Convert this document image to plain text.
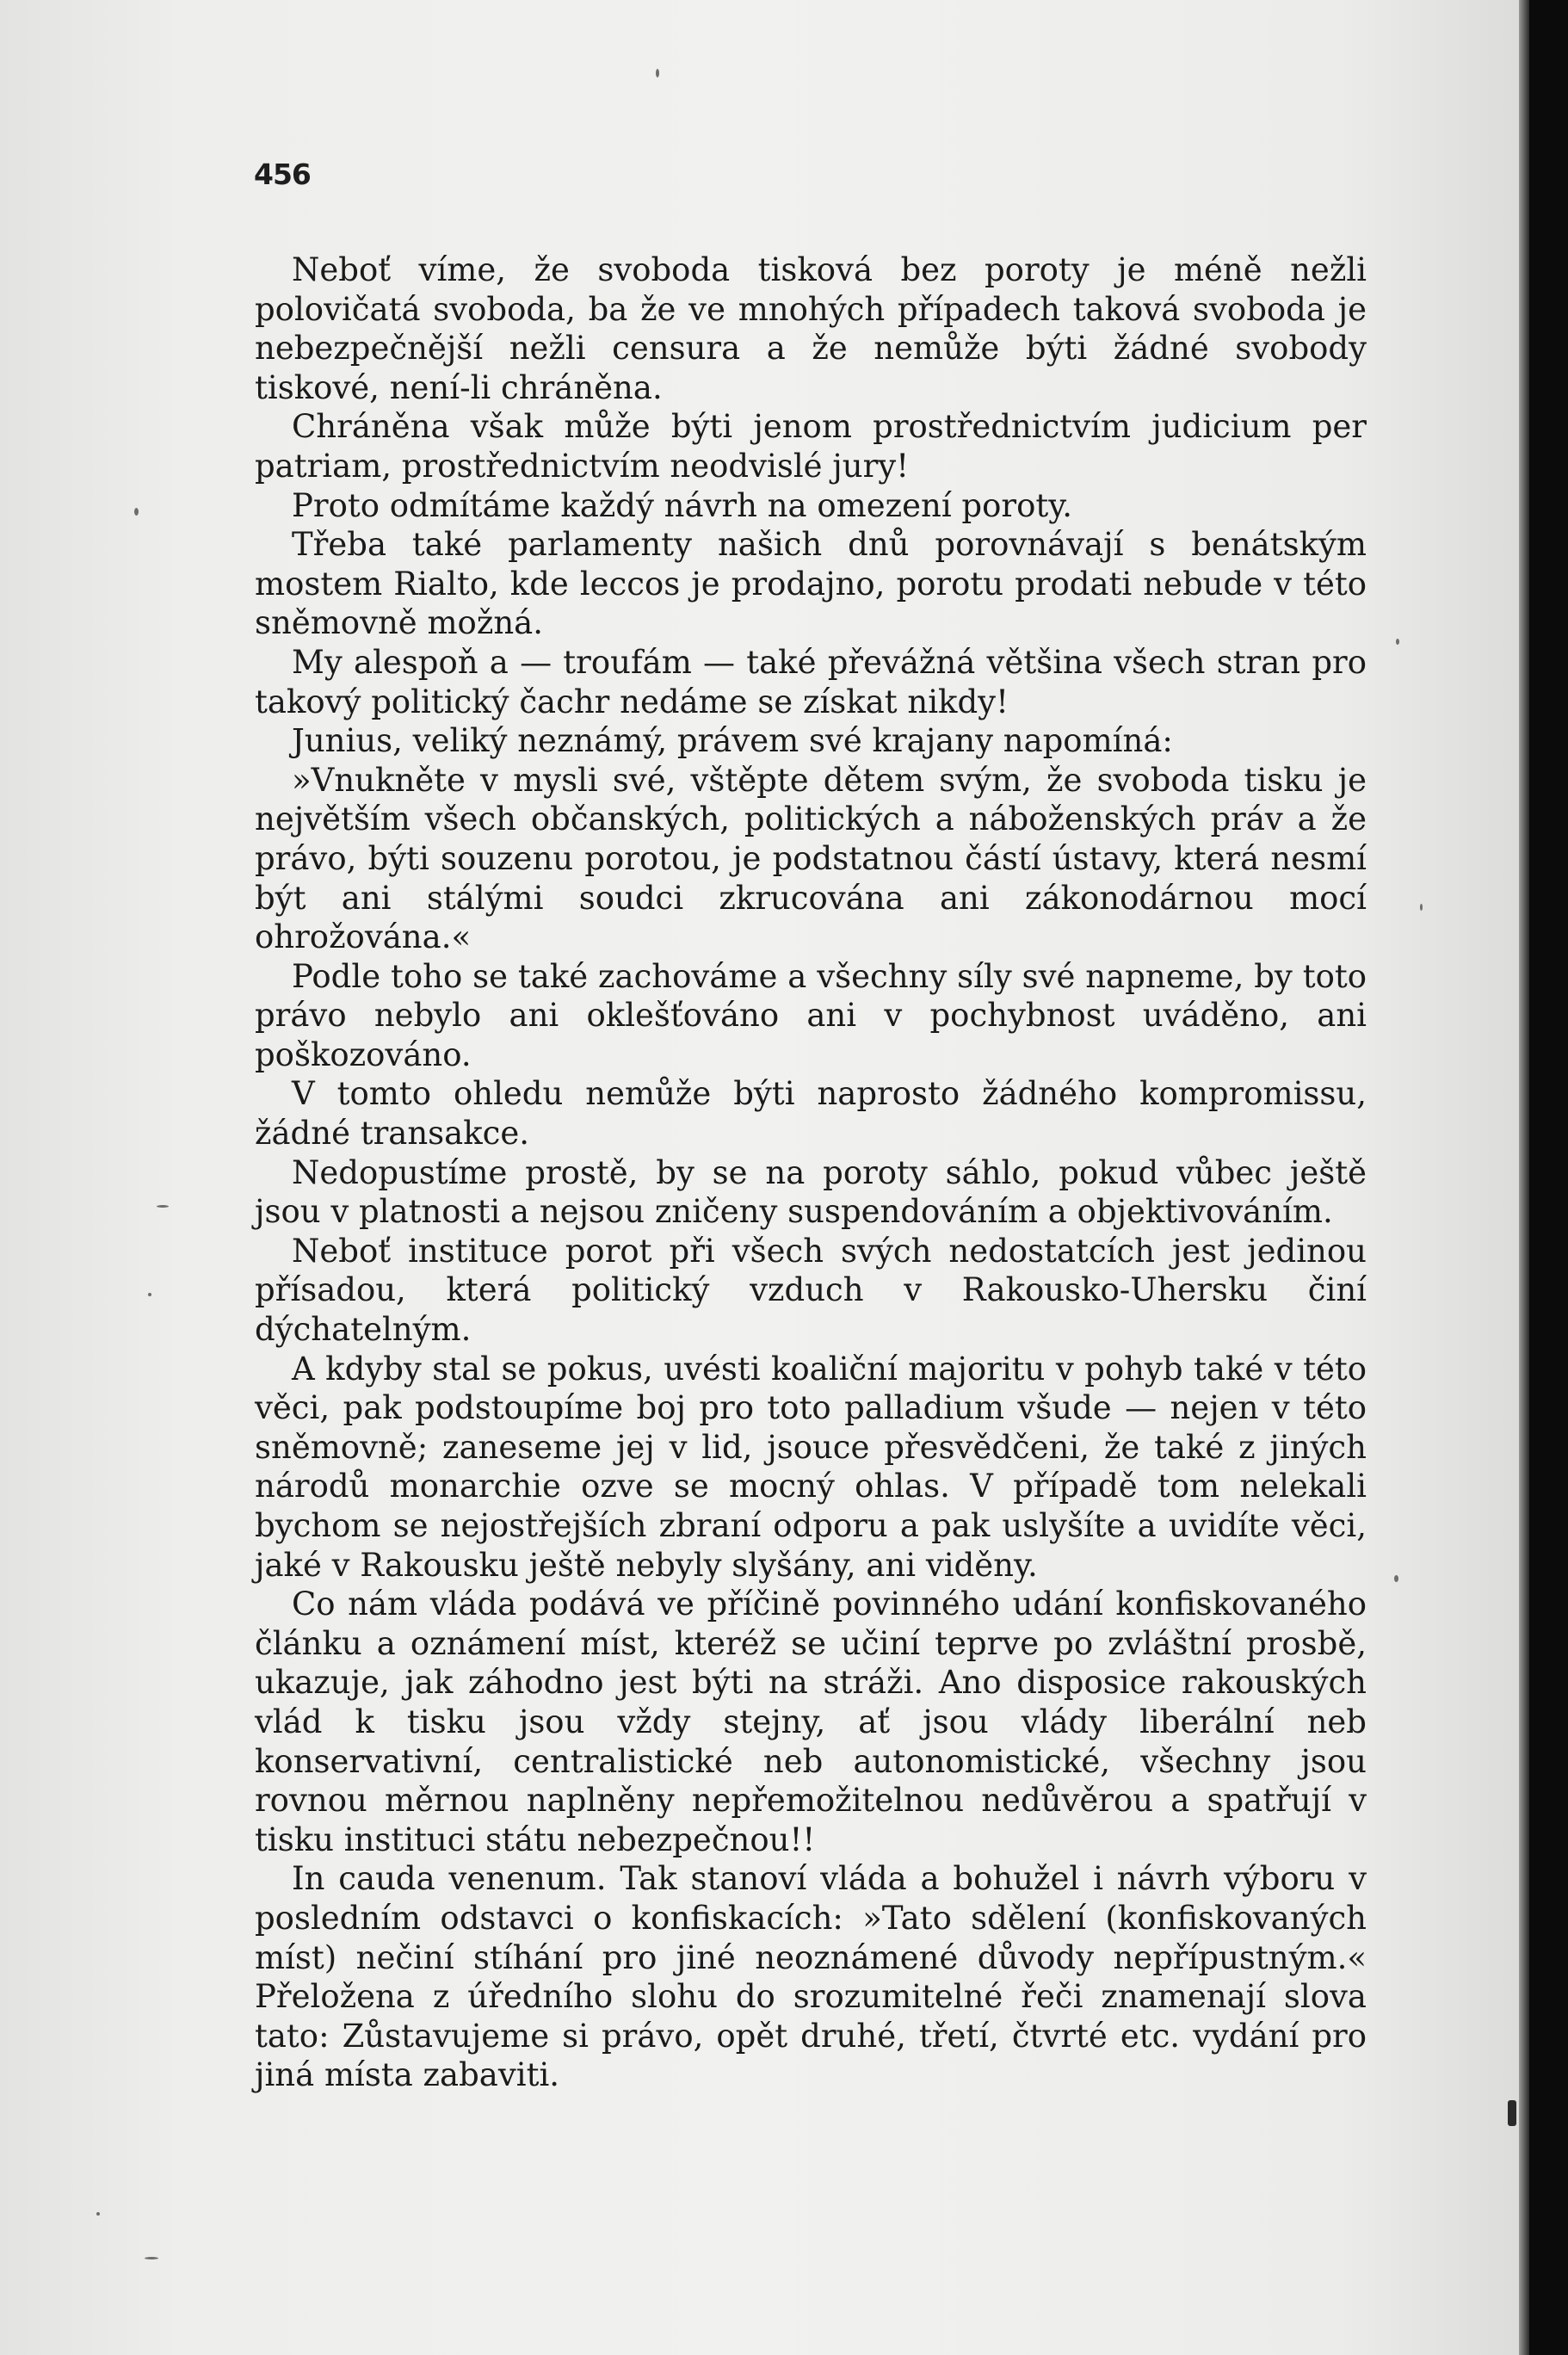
456

Neboť víme, že svoboda tisková bez poroty je méně nežli polovičatá svoboda, ba že ve mnohých případech taková svoboda je nebezpečnější nežli censura a že nemůže býti žádné svobody tiskové, není-li chráněna.

Chráněna však může býti jenom prostřednictvím judicium per patriam, prostřednictvím neodvislé jury!

Proto odmítáme každý návrh na omezení poroty.

Třeba také parlamenty našich dnů porovnávají s benátským mostem Rialto, kde leccos je prodajno, porotu prodati nebude v této sněmovně možná.

My alespoň a — troufám — také převážná většina všech stran pro takový politický čachr nedáme se získat nikdy!

Junius, veliký neznámý, právem své krajany napomíná:

»Vnukněte v mysli své, vštěpte dětem svým, že svoboda tisku je největším všech občanských, politických a náboženských práv a že právo, býti souzenu porotou, je podstatnou částí ústavy, která nesmí být ani stálými soudci zkrucována ani zákonodárnou mocí ohrožována.«

Podle toho se také zachováme a všechny síly své napneme, by toto právo nebylo ani oklešťováno ani v pochybnost uváděno, ani poškozováno.

V tomto ohledu nemůže býti naprosto žádného kompromissu, žádné transakce.

Nedopustíme prostě, by se na poroty sáhlo, pokud vůbec ještě jsou v platnosti a nejsou zničeny suspendováním a objektivováním.

Neboť instituce porot při všech svých nedostatcích jest jedinou přísadou, která politický vzduch v Rakousko-Uhersku činí dýchatelným.

A kdyby stal se pokus, uvésti koaliční majoritu v pohyb také v této věci, pak podstoupíme boj pro toto palladium všude — nejen v této sněmovně; zaneseme jej v lid, jsouce přesvědčeni, že také z jiných národů monarchie ozve se mocný ohlas. V případě tom nelekali bychom se nejostřejších zbraní odporu a pak uslyšíte a uvidíte věci, jaké v Rakousku ještě nebyly slyšány, ani viděny.

Co nám vláda podává ve příčině povinného udání konfiskovaného článku a oznámení míst, kteréž se učiní teprve po zvláštní prosbě, ukazuje, jak záhodno jest býti na stráži. Ano disposice rakouských vlád k tisku jsou vždy stejny, ať jsou vlády liberální neb konservativní, centralistické neb autonomistické, všechny jsou rovnou měrnou naplněny nepřemožitelnou nedůvěrou a spatřují v tisku instituci státu nebezpečnou!!

In cauda venenum. Tak stanoví vláda a bohužel i návrh výboru v posledním odstavci o konfiskacích: »Tato sdělení (konfiskovaných míst) nečiní stíhání pro jiné neoznámené důvody nepřípustným.« Přeložena z úředního slohu do srozumitelné řeči znamenají slova tato: Zůstavujeme si právo, opět druhé, třetí, čtvrté etc. vydání pro jiná místa zabaviti.
